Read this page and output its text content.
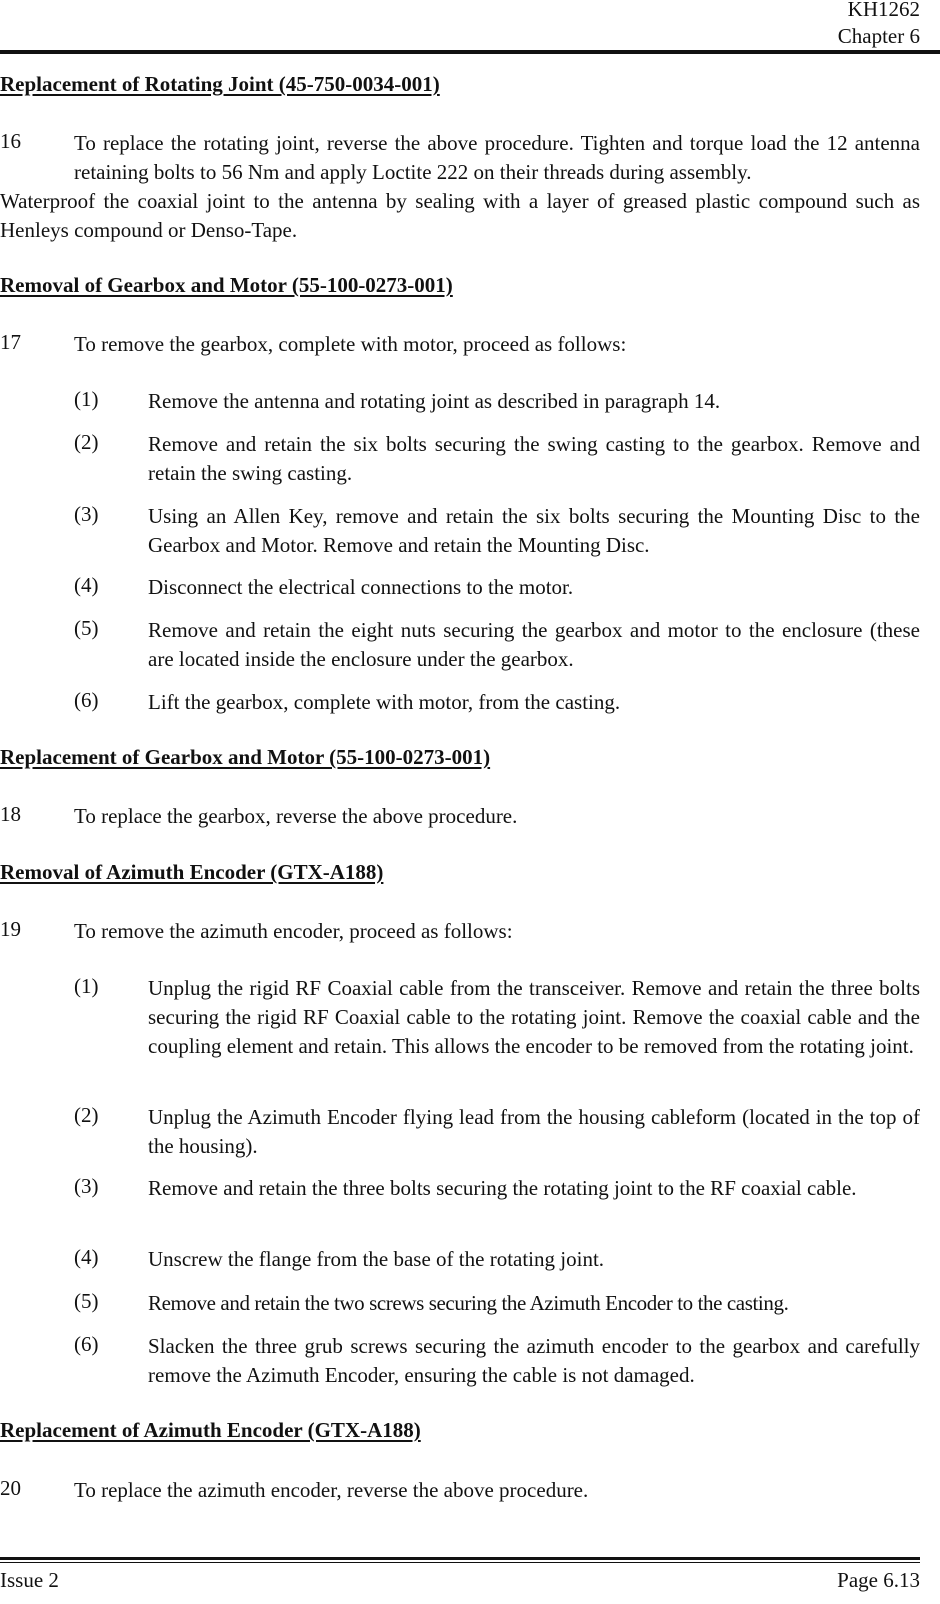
KH1262
Chapter 6
Replacement of Rotating Joint (45-750-0034-001)
16	To replace the rotating joint, reverse the above procedure. Tighten and torque load the 12 antenna retaining bolts to 56 Nm and apply Loctite 222 on their threads during assembly.
Waterproof the coaxial joint to the antenna by sealing with a layer of greased plastic compound such as Henleys compound or Denso-Tape.
Removal of Gearbox and Motor (55-100-0273-001)
17	To remove the gearbox, complete with motor, proceed as follows:
(1) Remove the antenna and rotating joint as described in paragraph 14.
(2) Remove and retain the six bolts securing the swing casting to the gearbox. Remove and retain the swing casting.
(3) Using an Allen Key, remove and retain the six bolts securing the Mounting Disc to the Gearbox and Motor. Remove and retain the Mounting Disc.
(4) Disconnect the electrical connections to the motor.
(5) Remove and retain the eight nuts securing the gearbox and motor to the enclosure (these are located inside the enclosure under the gearbox.
(6) Lift the gearbox, complete with motor, from the casting.
Replacement of Gearbox and Motor (55-100-0273-001)
18	To replace the gearbox, reverse the above procedure.
Removal of Azimuth Encoder (GTX-A188)
19	To remove the azimuth encoder, proceed as follows:
(1) Unplug the rigid RF Coaxial cable from the transceiver. Remove and retain the three bolts securing the rigid RF Coaxial cable to the rotating joint. Remove the coaxial cable and the coupling element and retain. This allows the encoder to be removed from the rotating joint.
(2) Unplug the Azimuth Encoder flying lead from the housing cableform (located in the top of the housing).
(3) Remove and retain the three bolts securing the rotating joint to the RF coaxial cable.
(4) Unscrew the flange from the base of the rotating joint.
(5) Remove and retain the two screws securing the Azimuth Encoder to the casting.
(6) Slacken the three grub screws securing the azimuth encoder to the gearbox and carefully remove the Azimuth Encoder, ensuring the cable is not damaged.
Replacement of Azimuth Encoder (GTX-A188)
20	To replace the azimuth encoder, reverse the above procedure.
Issue 2	Page 6.13
